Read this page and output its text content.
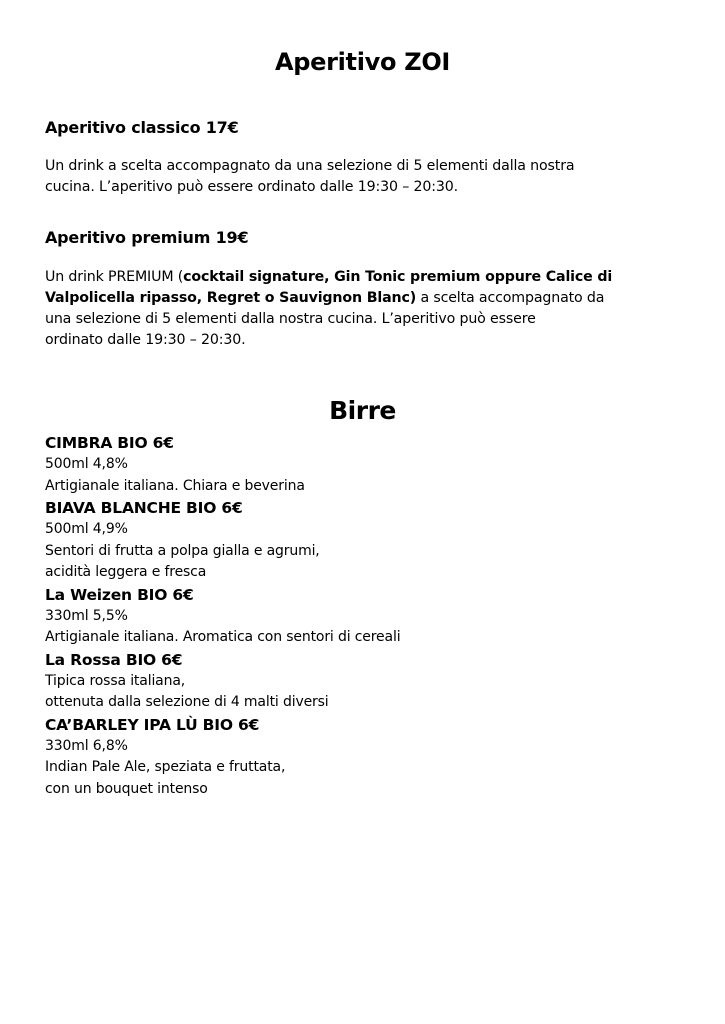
Aperitivo ZOI
Aperitivo classico 17€
Un drink a scelta accompagnato da una selezione di 5 elementi dalla nostra
cucina. L’aperitivo può essere ordinato dalle 19:30 – 20:30.
Aperitivo premium 19€
Un drink PREMIUM (cocktail signature, Gin Tonic premium oppure Calice di
Valpolicella ripasso, Regret o Sauvignon Blanc) a scelta accompagnato da
una selezione di 5 elementi dalla nostra cucina. L’aperitivo può essere
ordinato dalle 19:30 – 20:30.
Birre
CIMBRA BIO 6€
500ml 4,8%
Artigianale italiana. Chiara e beverina
BIAVA BLANCHE BIO 6€
500ml 4,9%
Sentori di frutta a polpa gialla e agrumi,
acidità leggera e fresca
La Weizen BIO 6€
330ml 5,5%
Artigianale italiana. Aromatica con sentori di cereali
La Rossa BIO 6€
Tipica rossa italiana,
ottenuta dalla selezione di 4 malti diversi
CA’BARLEY IPA LÙ BIO 6€
330ml 6,8%
Indian Pale Ale, speziata e fruttata,
con un bouquet intenso
